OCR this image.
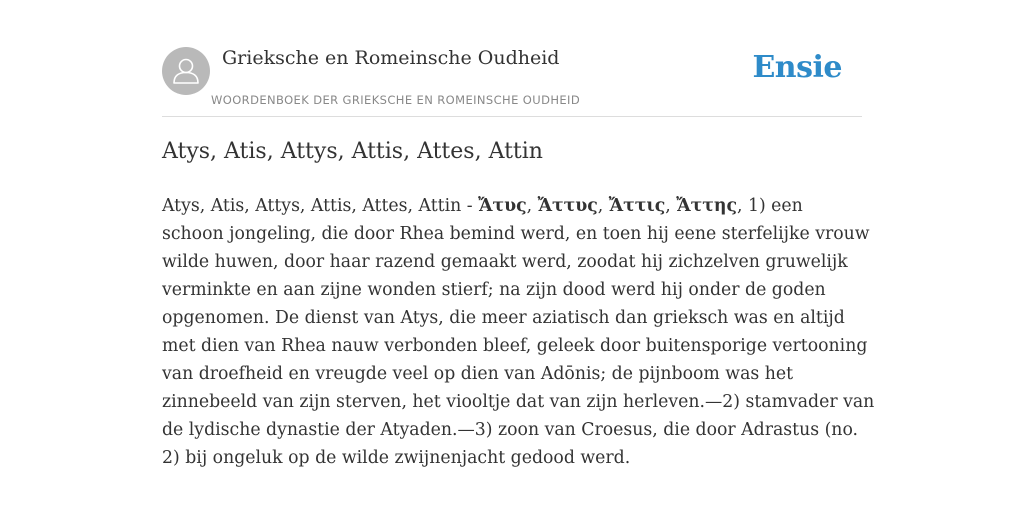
Grieksche en Romeinsche Oudheid
WOORDENBOEK DER GRIEKSCHE EN ROMEINSCHE OUDHEID
Ensie
Atys, Atis, Attys, Attis, Attes, Attin
Atys, Atis, Attys, Attis, Attes, Attin - Ἄτυς, Ἄττυς, Ἄττις, Ἄττης, 1) een
schoon jongeling, die door Rhea bemind werd, en toen hij eene sterfelijke vrouw
wilde huwen, door haar razend gemaakt werd, zoodat hij zichzelven gruwelijk
verminkte en aan zijne wonden stierf; na zijn dood werd hij onder de goden
opgenomen. De dienst van Atys, die meer aziatisch dan grieksch was en altijd
met dien van Rhea nauw verbonden bleef, geleek door buitensporige vertooning
van droefheid en vreugde veel op dien van Adōnis; de pijnboom was het
zinnebeeld van zijn sterven, het viooltje dat van zijn herleven.—2) stamvader van
de lydische dynastie der Atyaden.—3) zoon van Croesus, die door Adrastus (no.
2) bij ongeluk op de wilde zwijnenjacht gedood werd.
